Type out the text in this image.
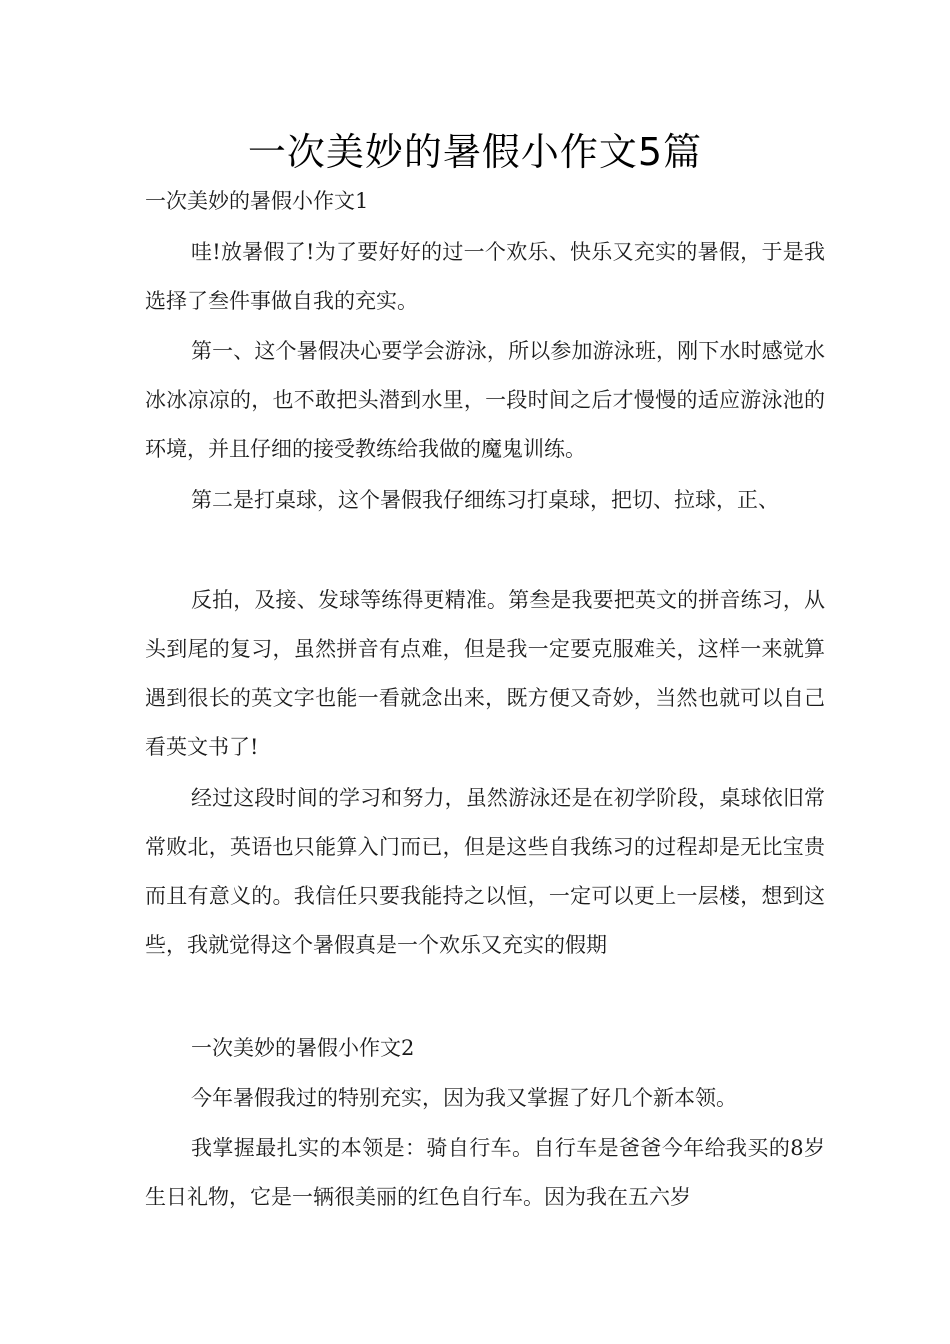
一次美妙的暑假小作文5篇
一次美妙的暑假小作文1
哇!放暑假了!为了要好好的过一个欢乐、快乐又充实的暑假，于是我选择了叁件事做自我的充实。
第一、这个暑假决心要学会游泳，所以参加游泳班，刚下水时感觉水冰冰凉凉的，也不敢把头潜到水里，一段时间之后才慢慢的适应游泳池的环境，并且仔细的接受教练给我做的魔鬼训练。
第二是打桌球，这个暑假我仔细练习打桌球，把切、拉球，正、
反拍，及接、发球等练得更精准。第叁是我要把英文的拼音练习，从头到尾的复习，虽然拼音有点难，但是我一定要克服难关，这样一来就算遇到很长的英文字也能一看就念出来，既方便又奇妙，当然也就可以自己看英文书了!
经过这段时间的学习和努力，虽然游泳还是在初学阶段，桌球依旧常常败北，英语也只能算入门而已，但是这些自我练习的过程却是无比宝贵而且有意义的。我信任只要我能持之以恒，一定可以更上一层楼，想到这些，我就觉得这个暑假真是一个欢乐又充实的假期
一次美妙的暑假小作文2
今年暑假我过的特别充实，因为我又掌握了好几个新本领。
我掌握最扎实的本领是：骑自行车。自行车是爸爸今年给我买的8岁生日礼物，它是一辆很美丽的红色自行车。因为我在五六岁
